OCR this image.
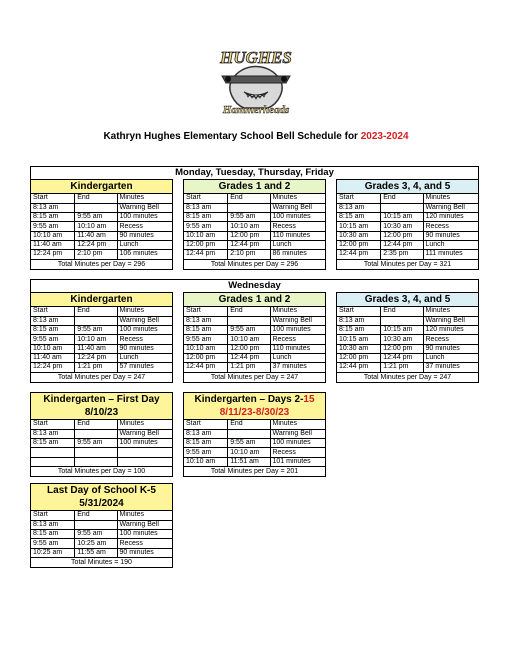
HUGHES
Hammerheads
Kathryn Hughes Elementary School Bell Schedule for 2023-2024
Monday, Tuesday, Thursday, Friday
Kindergarten
Start	End	Minutes
8:13 am		Warning Bell
8:15 am	9:55 am	100 minutes
9:55 am	10:10 am	Recess
10:10 am	11:40 am	90 minutes
11:40 am	12:24 pm	Lunch
12:24 pm	2:10 pm	106 minutes
Total Minutes per Day = 296
Grades 1 and 2
Start	End	Minutes
8:13 am		Warning Bell
8:15 am	9:55 am	100 minutes
9:55 am	10:10 am	Recess
10:10 am	12:00 pm	110 minutes
12:00 pm	12:44 pm	Lunch
12:44 pm	2:10 pm	86 minutes
Total Minutes per Day = 296
Grades 3, 4, and 5
Start	End	Minutes
8:13 am		Warning Bell
8:15 am	10:15 am	120 minutes
10:15 am	10:30 am	Recess
10:30 am	12:00 pm	90 minutes
12:00 pm	12:44 pm	Lunch
12:44 pm	2:35 pm	111 minutes
Total Minutes per Day = 321
Wednesday
Kindergarten
Start	End	Minutes
8:13 am		Warning Bell
8:15 am	9:55 am	100 minutes
9:55 am	10:10 am	Recess
10:10 am	11:40 am	90 minutes
11:40 am	12:24 pm	Lunch
12:24 pm	1:21 pm	57 minutes
Total Minutes per Day = 247
Grades 1 and 2
Start	End	Minutes
8:13 am		Warning Bell
8:15 am	9:55 am	100 minutes
9:55 am	10:10 am	Recess
10:10 am	12:00 pm	110 minutes
12:00 pm	12:44 pm	Lunch
12:44 pm	1:21 pm	37 minutes
Total Minutes per Day = 247
Grades 3, 4, and 5
Start	End	Minutes
8:13 am		Warning Bell
8:15 am	10:15 am	120 minutes
10:15 am	10:30 am	Recess
10:30 am	12:00 pm	90 minutes
12:00 pm	12:44 pm	Lunch
12:44 pm	1:21 pm	37 minutes
Total Minutes per Day = 247
Kindergarten – First Day
8/10/23
Start	End	Minutes
8:13 am		Warning Bell
8:15 am	9:55 am	100 minutes

Total Minutes per Day = 100
Kindergarten – Days 2-15
8/11/23-8/30/23
Start	End	Minutes
8:13 am		Warning Bell
8:15 am	9:55 am	100 minutes
9:55 am	10:10 am	Recess
10:10 am	11:51 am	101 minutes
Total Minutes per Day = 201
Last Day of School K-5
5/31/2024
Start	End	Minutes
8:13 am		Warning Bell
8:15 am	9:55 am	100 minutes
9:55 am	10:25 am	Recess
10:25 am	11:55 am	90 minutes
Total Minutes = 190
